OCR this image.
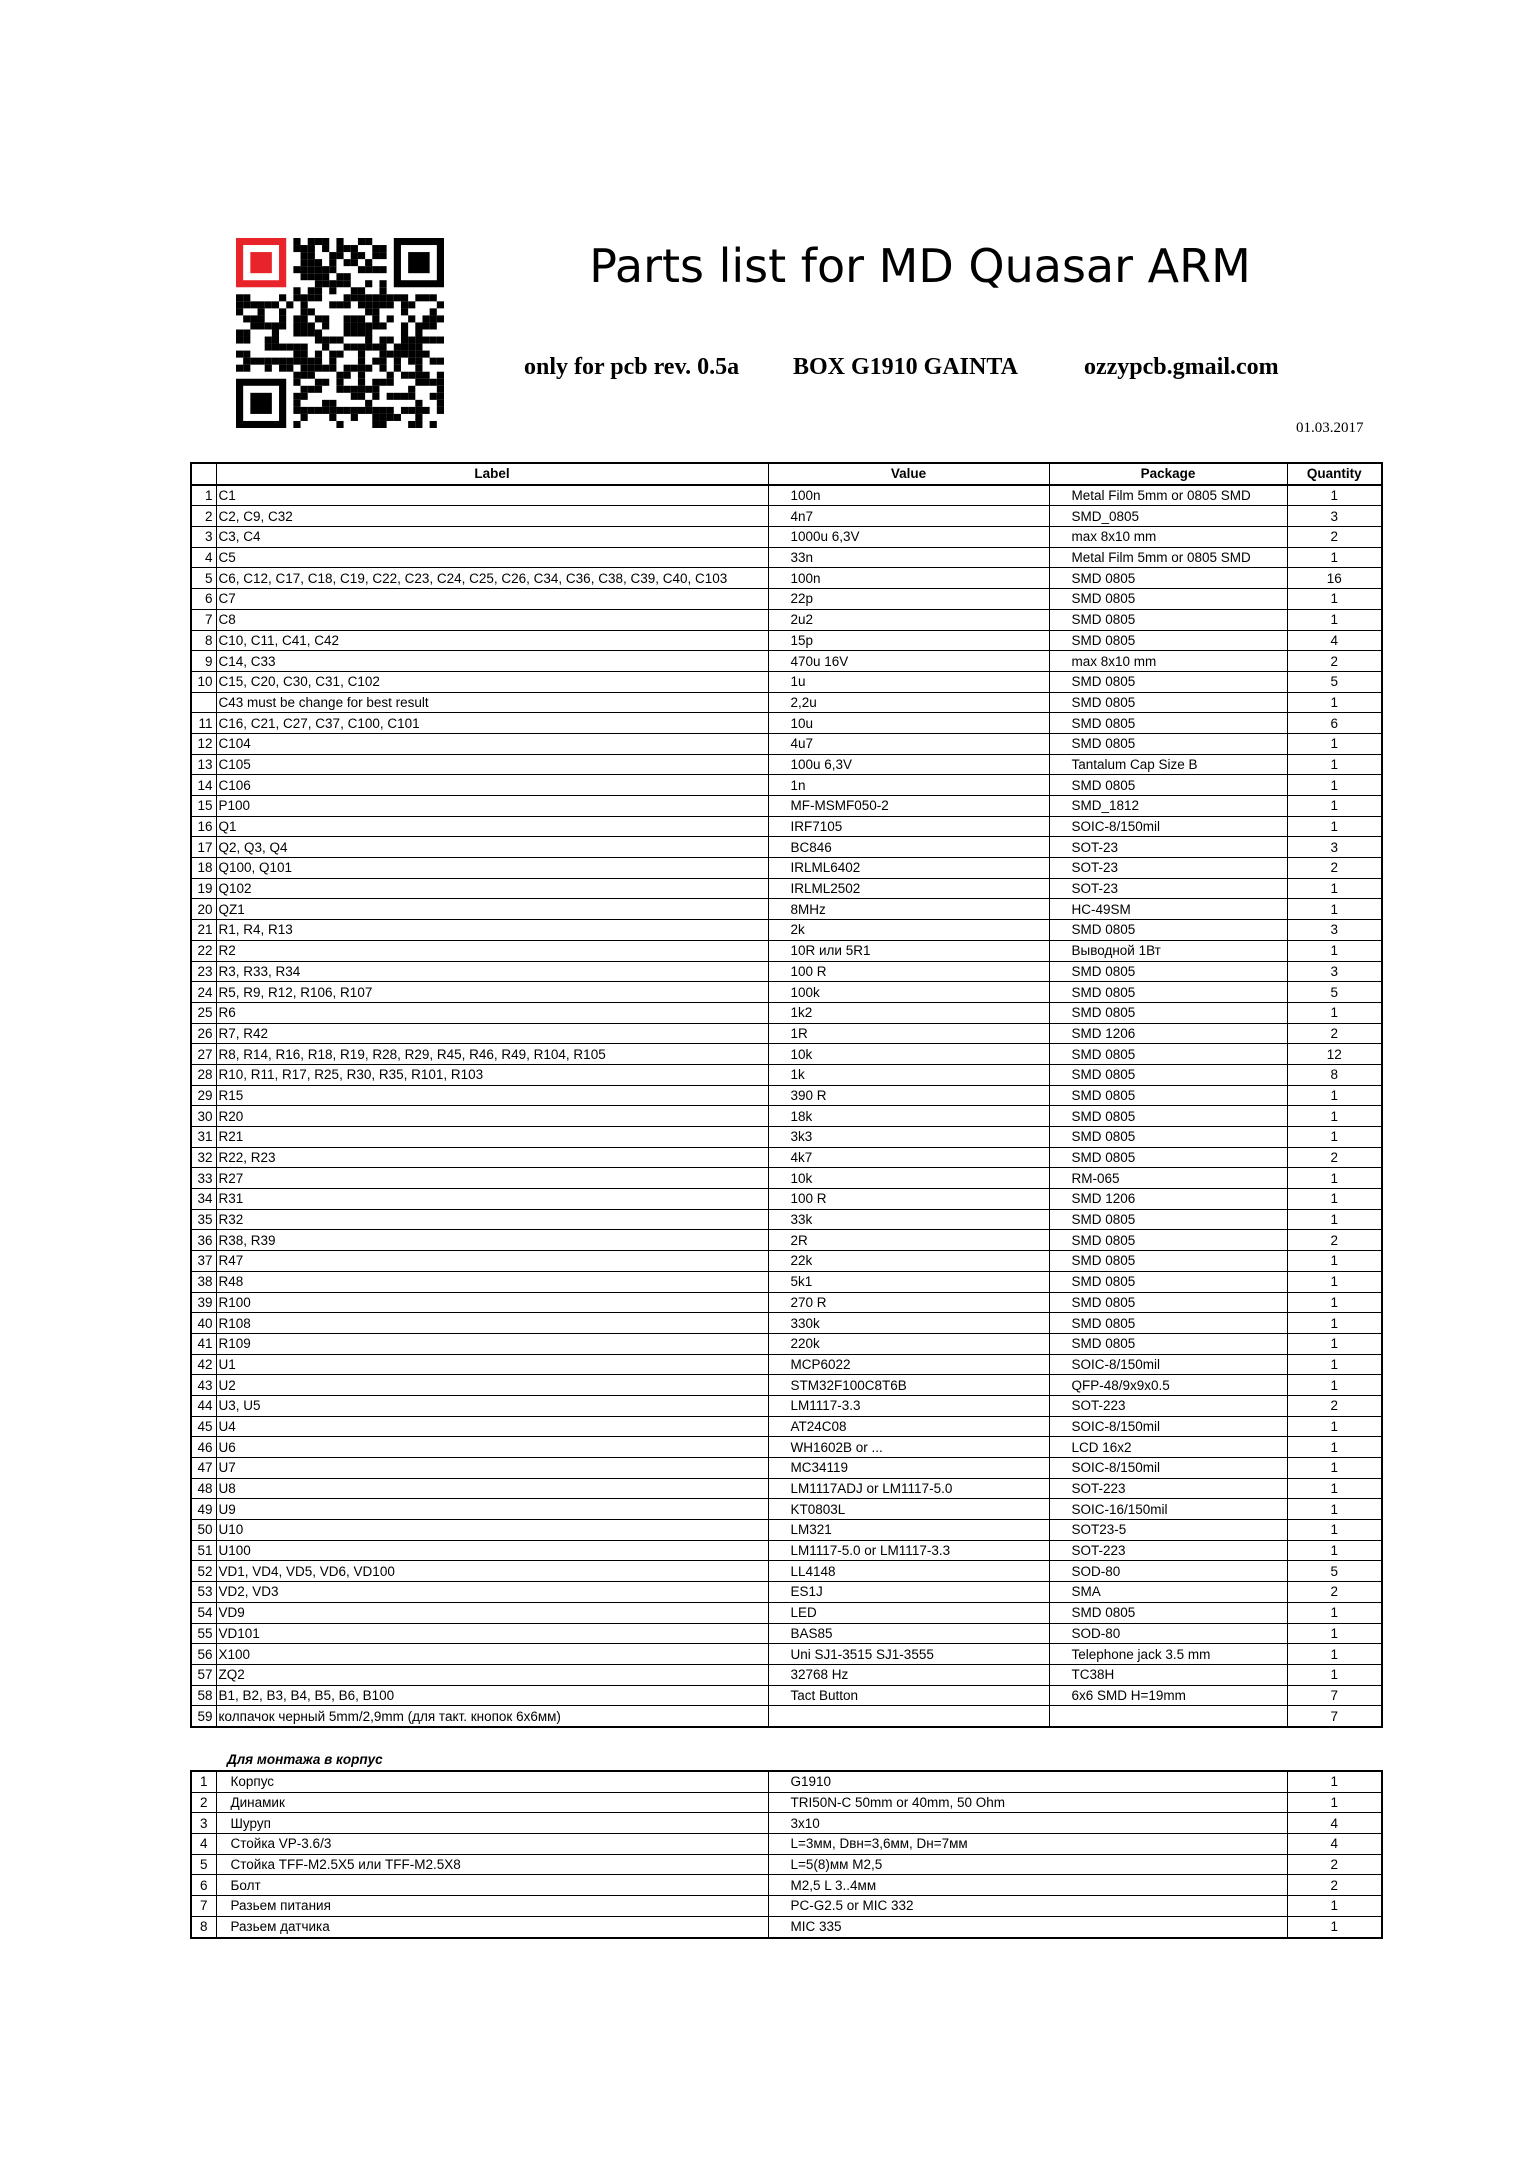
Parts list for MD Quasar ARM
only for pcb rev. 0.5a BOX G1910 GAINTA	ozzypcb.gmail.com
01.03.2017
	Label	Value	Package	Quantity
1	C1	100n	Metal Film 5mm or 0805 SMD	1
2	C2, C9, C32	4n7	SMD_0805	3
3	C3, C4	1000u 6,3V	max 8x10 mm	2
4	C5	33n	Metal Film 5mm or 0805 SMD	1
5	C6, C12, C17, C18, C19, C22, C23, C24, C25, C26, C34, C36, C38, C39, C40, C103	100n	SMD 0805	16
6	C7	22p	SMD 0805	1
7	C8	2u2	SMD 0805	1
8	C10, C11, C41, C42	15p	SMD 0805	4
9	C14, C33	470u 16V	max 8x10 mm	2
10	C15, C20, C30, C31, C102	1u	SMD 0805	5
	C43 must be change for best result	2,2u	SMD 0805	1
11	C16, C21, C27, C37, C100, C101	10u	SMD 0805	6
12	C104	4u7	SMD 0805	1
13	C105	100u 6,3V	Tantalum Cap Size B	1
14	C106	1n	SMD 0805	1
15	P100	MF-MSMF050-2	SMD_1812	1
16	Q1	IRF7105	SOIC-8/150mil	1
17	Q2, Q3, Q4	BC846	SOT-23	3
18	Q100, Q101	IRLML6402	SOT-23	2
19	Q102	IRLML2502	SOT-23	1
20	QZ1	8MHz	HC-49SM	1
21	R1, R4, R13	2k	SMD 0805	3
22	R2	10R или 5R1	Выводной 1Вт	1
23	R3, R33, R34	100 R	SMD 0805	3
24	R5, R9, R12, R106, R107	100k	SMD 0805	5
25	R6	1k2	SMD 0805	1
26	R7, R42	1R	SMD 1206	2
27	R8, R14, R16, R18, R19, R28, R29, R45, R46, R49, R104, R105	10k	SMD 0805	12
28	R10, R11, R17, R25, R30, R35, R101, R103	1k	SMD 0805	8
29	R15	390 R	SMD 0805	1
30	R20	18k	SMD 0805	1
31	R21	3k3	SMD 0805	1
32	R22, R23	4k7	SMD 0805	2
33	R27	10k	RM-065	1
34	R31	100 R	SMD 1206	1
35	R32	33k	SMD 0805	1
36	R38, R39	2R	SMD 0805	2
37	R47	22k	SMD 0805	1
38	R48	5k1	SMD 0805	1
39	R100	270 R	SMD 0805	1
40	R108	330k	SMD 0805	1
41	R109	220k	SMD 0805	1
42	U1	MCP6022	SOIC-8/150mil	1
43	U2	STM32F100C8T6B	QFP-48/9x9x0.5	1
44	U3, U5	LM1117-3.3	SOT-223	2
45	U4	AT24C08	SOIC-8/150mil	1
46	U6	WH1602B or ...	LCD 16x2	1
47	U7	MC34119	SOIC-8/150mil	1
48	U8	LM1117ADJ or LM1117-5.0	SOT-223	1
49	U9	KT0803L	SOIC-16/150mil	1
50	U10	LM321	SOT23-5	1
51	U100	LM1117-5.0 or LM1117-3.3	SOT-223	1
52	VD1, VD4, VD5, VD6, VD100	LL4148	SOD-80	5
53	VD2, VD3	ES1J	SMA	2
54	VD9	LED	SMD 0805	1
55	VD101	BAS85	SOD-80	1
56	X100	Uni SJ1-3515 SJ1-3555	Telephone jack 3.5 mm	1
57	ZQ2	32768 Hz	TC38H	1
58	B1, B2, B3, B4, B5, B6, B100	Tact Button	6x6 SMD H=19mm	7
59	колпачок черный 5mm/2,9mm (для такт. кнопок 6х6мм)			7
Для монтажа в корпус
1	Корпус	G1910	1
2	Динамик	TRI50N-C 50mm or 40mm, 50 Ohm	1
3	Шуруп	3x10	4
4	Стойка VP-3.6/3	L=3мм, Dвн=3,6мм, Dн=7мм	4
5	Стойка TFF-M2.5X5 или TFF-M2.5X8	L=5(8)мм M2,5	2
6	Болт	M2,5 L 3..4мм	2
7	Разьем питания	PC-G2.5 or MIC 332	1
8	Разьем датчика	MIC 335	1
